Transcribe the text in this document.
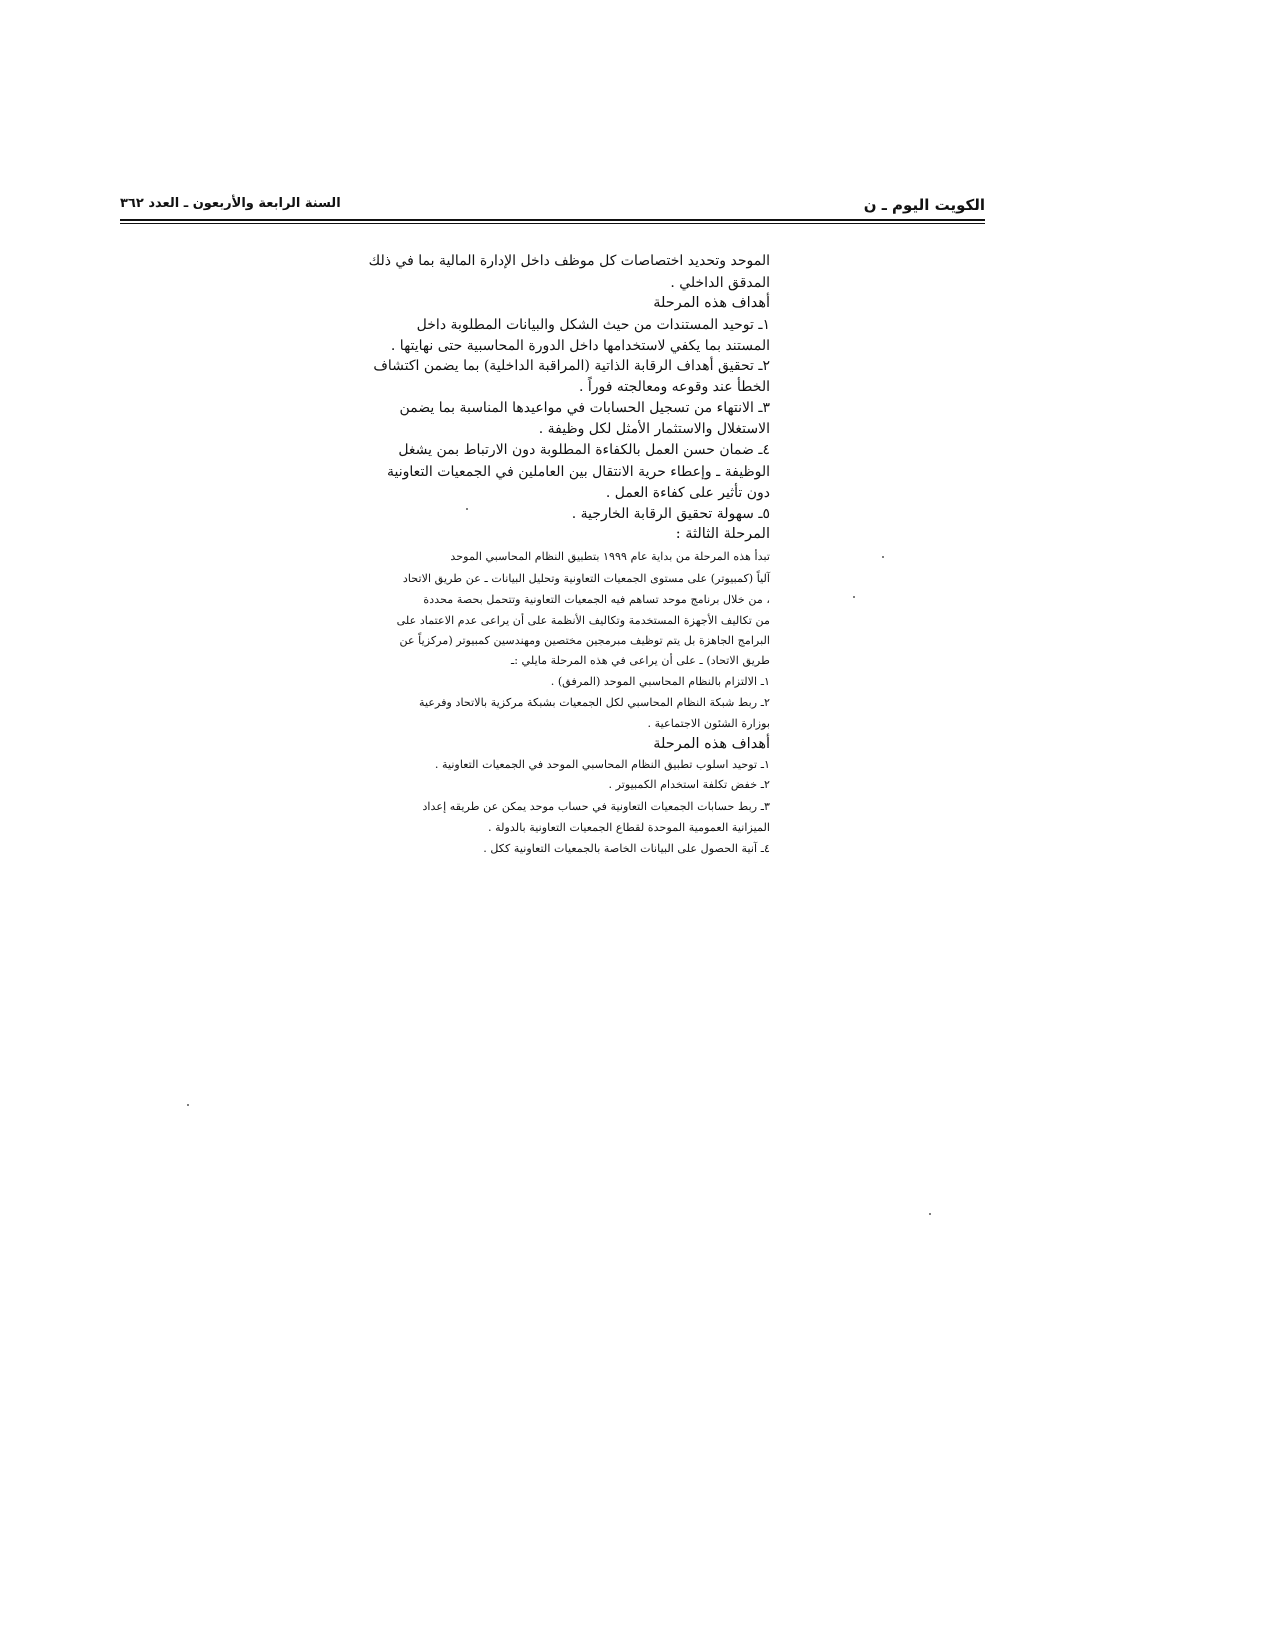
الكويت اليوم ـ ن
السنة الرابعة والأربعون ـ العدد ٣٦٢
الموحد وتحديد اختصاصات كل موظف داخل الإدارة المالية بما في ذلك
المدقق الداخلي .
أهداف هذه المرحلة
١ـ توحيد المستندات من حيث الشكل والبيانات المطلوبة داخل
المستند بما يكفي لاستخدامها داخل الدورة المحاسبية حتى نهايتها .
٢ـ تحقيق أهداف الرقابة الذاتية (المراقبة الداخلية) بما يضمن اكتشاف
الخطأ عند وقوعه ومعالجته فوراً .
٣ـ الانتهاء من تسجيل الحسابات في مواعيدها المناسبة بما يضمن
الاستغلال والاستثمار الأمثل لكل وظيفة .
٤ـ ضمان حسن العمل بالكفاءة المطلوبة دون الارتباط بمن يشغل
الوظيفة ـ وإعطاء حرية الانتقال بين العاملين في الجمعيات التعاونية
دون تأثير على كفاءة العمل .
٥ـ سهولة تحقيق الرقابة الخارجية .
المرحلة الثالثة :
تبدأ هذه المرحلة من بداية عام ١٩٩٩ بتطبيق النظام المحاسبي الموحد
آلياً (كمبيوتر) على مستوى الجمعيات التعاونية وتحليل البيانات ـ عن طريق الاتحاد
، من خلال برنامج موحد تساهم فيه الجمعيات التعاونية وتتحمل بحصة محددة
من تكاليف الأجهزة المستخدمة وتكاليف الأنظمة على أن يراعى عدم الاعتماد على
البرامج الجاهزة بل يتم توظيف مبرمجين مختصين ومهندسين كمبيوتر (مركزياً عن
طريق الاتحاد) ـ على أن يراعى في هذه المرحلة مايلي :ـ
١ـ الالتزام بالنظام المحاسبي الموحد (المرفق) .
٢ـ ربط شبكة النظام المحاسبي لكل الجمعيات بشبكة مركزية بالاتحاد وفرعية
بوزارة الشئون الاجتماعية .
أهداف هذه المرحلة
١ـ توحيد اسلوب تطبيق النظام المحاسبي الموحد في الجمعيات التعاونية .
٢ـ خفض تكلفة استخدام الكمبيوتر .
٣ـ ربط حسابات الجمعيات التعاونية في حساب موحد يمكن عن طريقه إعداد
الميزانية العمومية الموحدة لقطاع الجمعيات التعاونية بالدولة .
٤ـ آنية الحصول على البيانات الخاصة بالجمعيات التعاونية ككل .
